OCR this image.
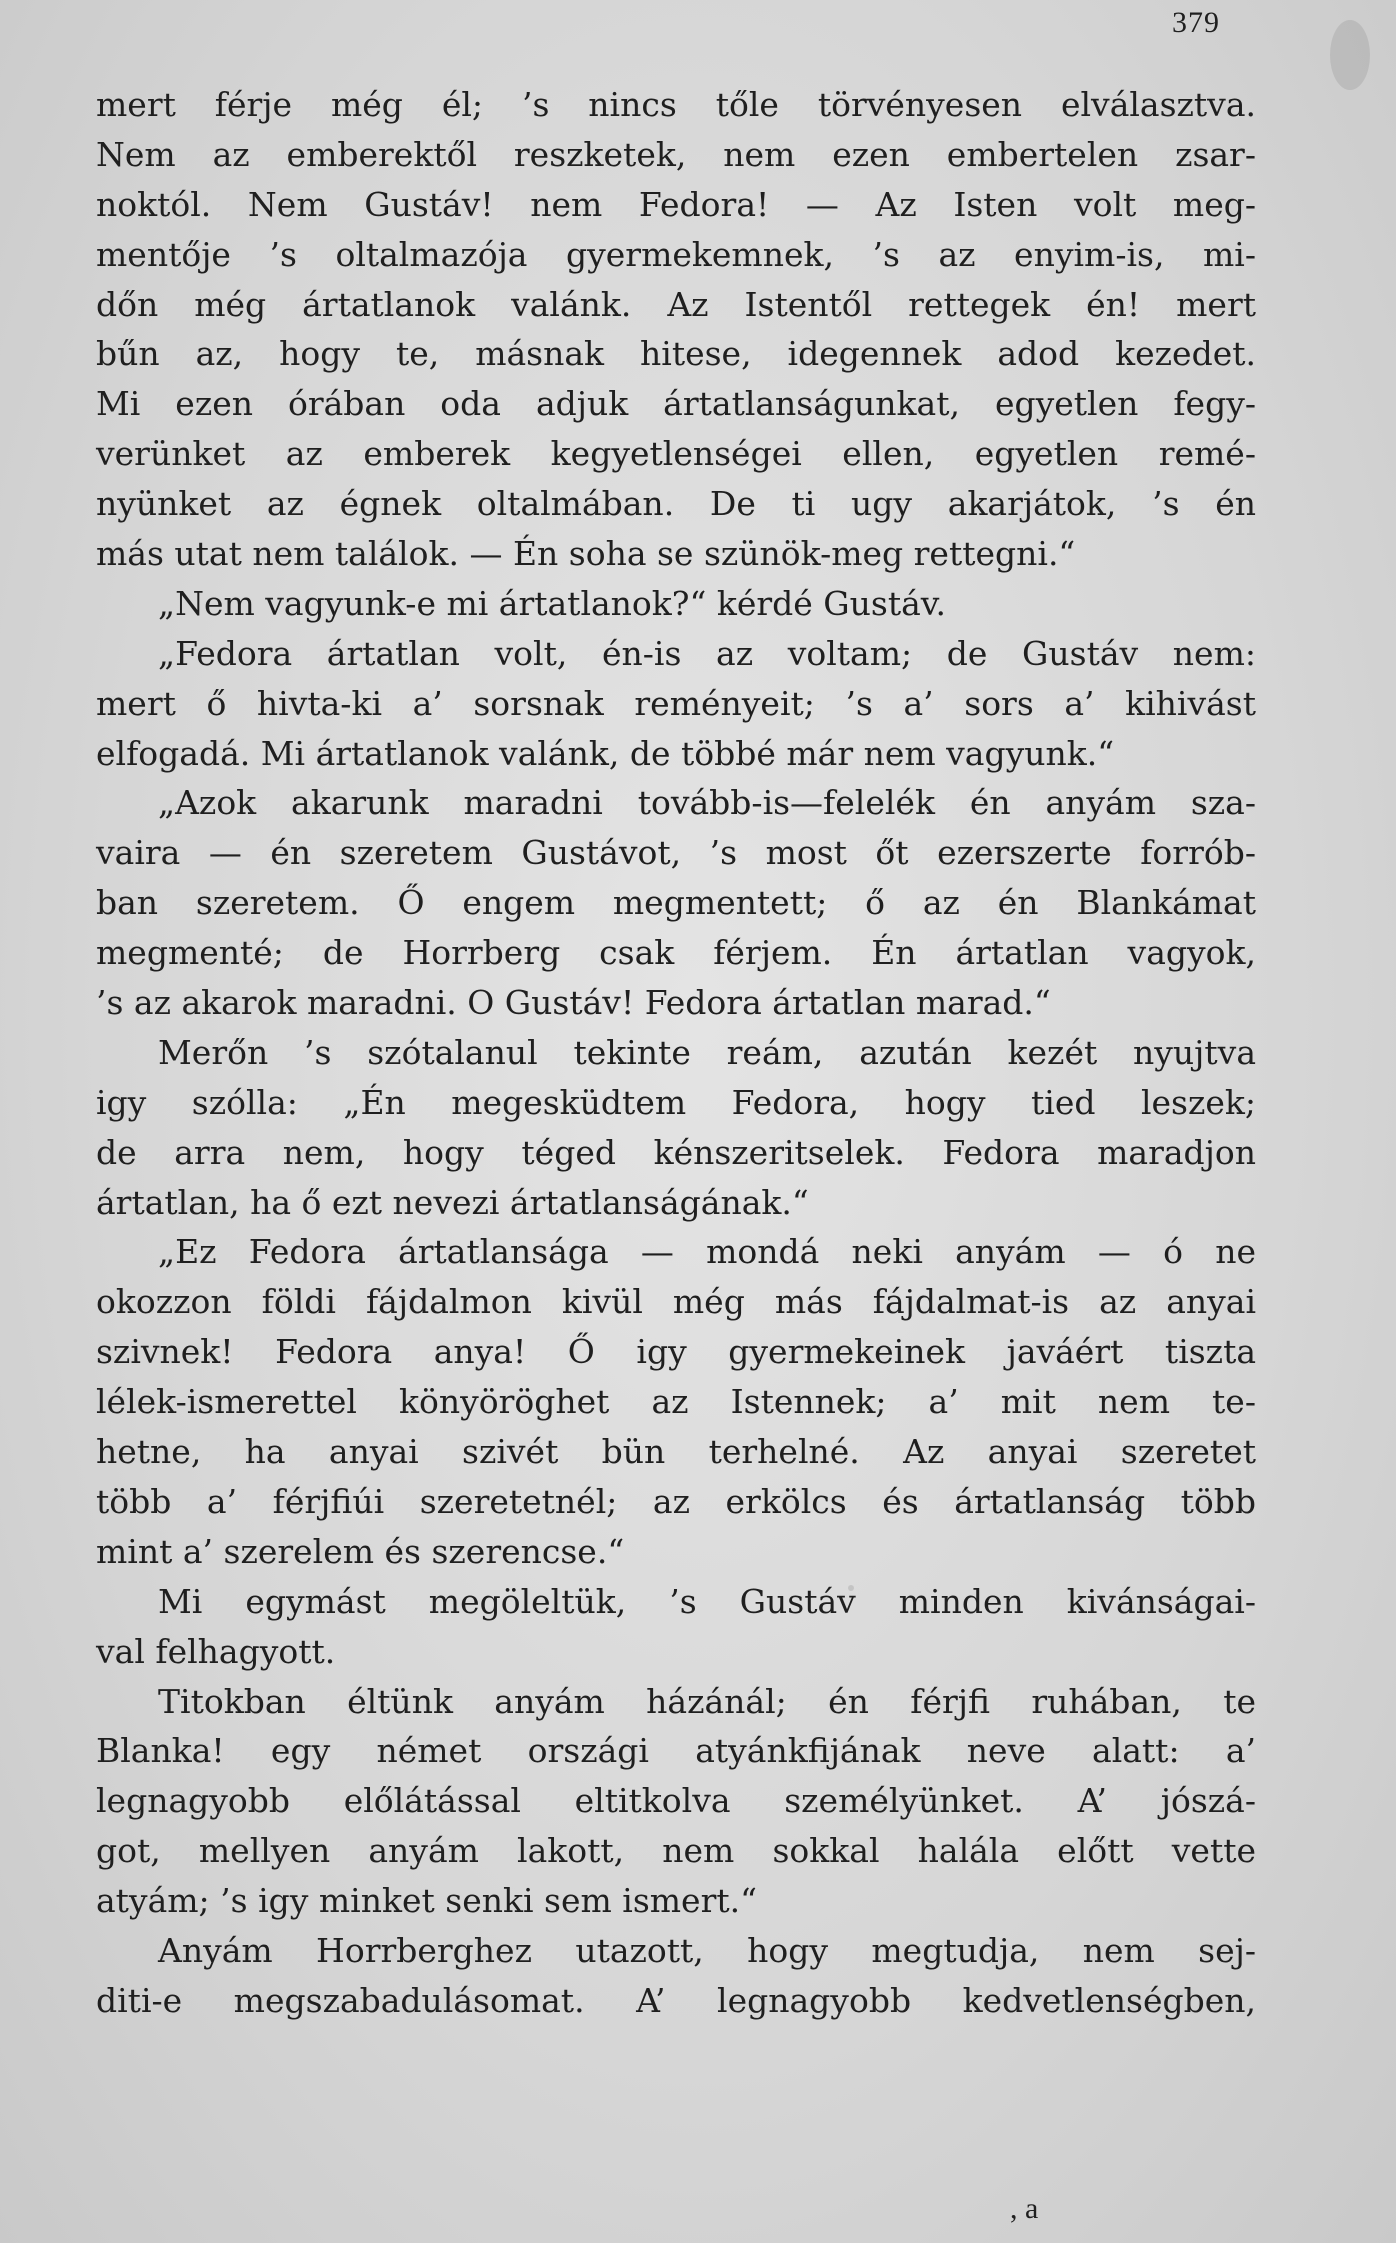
379
mert férje még él; ’s nincs tőle törvényesen elválasztva.
Nem az emberektől reszketek, nem ezen embertelen zsar-
noktól. Nem Gustáv! nem Fedora! — Az Isten volt meg-
mentője ’s oltalmazója gyermekemnek, ’s az enyim-is, mi-
dőn még ártatlanok valánk. Az Istentől rettegek én! mert
bűn az, hogy te, másnak hitese, idegennek adod kezedet.
Mi ezen órában oda adjuk ártatlanságunkat, egyetlen fegy-
verünket az emberek kegyetlenségei ellen, egyetlen remé-
nyünket az égnek oltalmában. De ti ugy akarjátok, ’s én
más utat nem találok. — Én soha se szünök-meg rettegni.“
„Nem vagyunk-e mi ártatlanok?“ kérdé Gustáv.
„Fedora ártatlan volt, én-is az voltam; de Gustáv nem:
mert ő hivta-ki a’ sorsnak reményeit; ’s a’ sors a’ kihivást
elfogadá. Mi ártatlanok valánk, de többé már nem vagyunk.“
„Azok akarunk maradni tovább-is—felelék én anyám sza-
vaira — én szeretem Gustávot, ’s most őt ezerszerte forrób-
ban szeretem. Ő engem megmentett; ő az én Blankámat
megmenté; de Horrberg csak férjem. Én ártatlan vagyok,
’s az akarok maradni. O Gustáv! Fedora ártatlan marad.“
Merőn ’s szótalanul tekinte reám, azután kezét nyujtva
igy szólla: „Én megesküdtem Fedora, hogy tied leszek;
de arra nem, hogy téged kénszeritselek. Fedora maradjon
ártatlan, ha ő ezt nevezi ártatlanságának.“
„Ez Fedora ártatlansága — mondá neki anyám — ó ne
okozzon földi fájdalmon kivül még más fájdalmat-is az anyai
szivnek! Fedora anya! Ő igy gyermekeinek javáért tiszta
lélek-ismerettel könyöröghet az Istennek; a’ mit nem te-
hetne, ha anyai szivét bün terhelné. Az anyai szeretet
több a’ férjfiúi szeretetnél; az erkölcs és ártatlanság több
mint a’ szerelem és szerencse.“
Mi egymást megöleltük, ’s Gustáv minden kivánságai-
val felhagyott.
Titokban éltünk anyám házánál; én férjfi ruhában, te
Blanka! egy német országi atyánkfijának neve alatt: a’
legnagyobb előlátással eltitkolva személyünket. A’ jószá-
got, mellyen anyám lakott, nem sokkal halála előtt vette
atyám; ’s igy minket senki sem ismert.“
Anyám Horrberghez utazott, hogy megtudja, nem sej-
diti-e megszabadulásomat. A’ legnagyobb kedvetlenségben,
, a
